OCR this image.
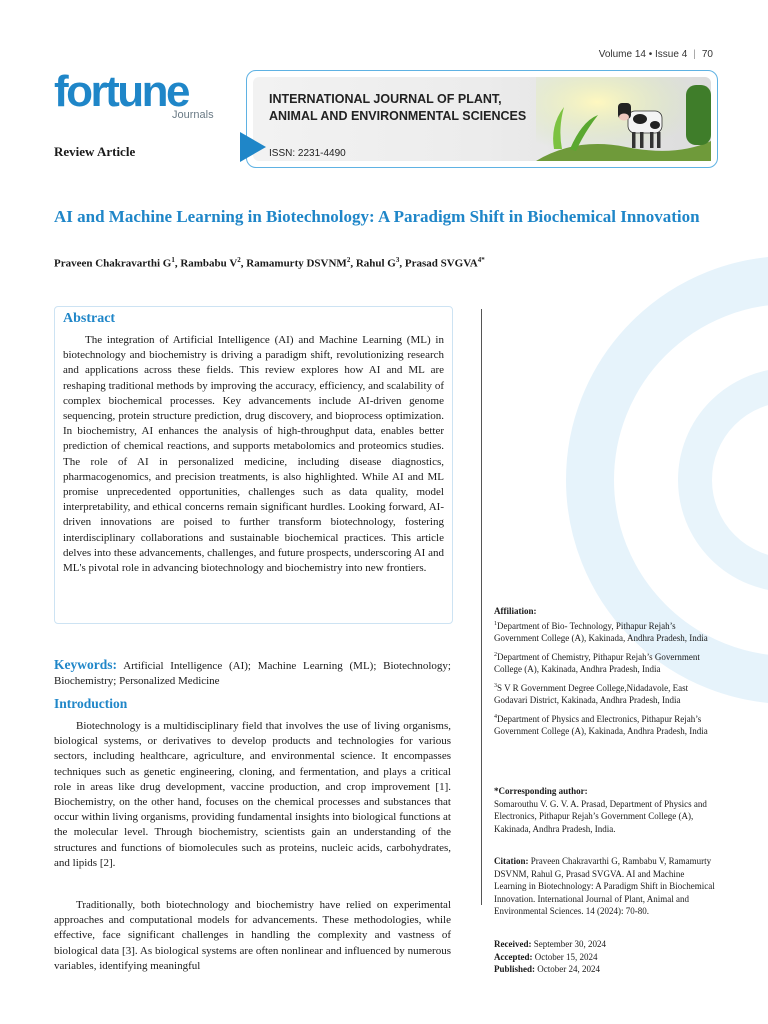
Volume 14 • Issue 4 | 70
fortune
Journals
INTERNATIONAL JOURNAL OF PLANT, ANIMAL AND ENVIRONMENTAL SCIENCES
ISSN: 2231-4490
Review Article
AI and Machine Learning in Biotechnology: A Paradigm Shift in Biochemical Innovation
Praveen Chakravarthi $G^1$, Rambabu $V^2$, Ramamurty DSVNM$^2$, Rahul $G^3$, Prasad $SVGVA^{4*}$
Abstract

The integration of Artificial Intelligence (AI) and Machine Learning (ML) in biotechnology and biochemistry is driving a paradigm shift, revolutionizing research and applications across these fields. This review explores how AI and ML are reshaping traditional methods by improving the accuracy, efficiency, and scalability of complex biochemical processes. Key advancements include AI-driven genome sequencing, protein structure prediction, drug discovery, and bioprocess optimization. In biochemistry, AI enhances the analysis of high-throughput data, enables better prediction of chemical reactions, and supports metabolomics and proteomics studies. The role of AI in personalized medicine, including disease diagnostics, pharmacogenomics, and precision treatments, is also highlighted. While AI and ML promise unprecedented opportunities, challenges such as data quality, model interpretability, and ethical concerns remain significant hurdles. Looking forward, AI-driven innovations are poised to further transform biotechnology, fostering interdisciplinary collaborations and sustainable biochemical practices. This article delves into these advancements, challenges, and future prospects, underscoring AI and ML's pivotal role in advancing biotechnology and biochemistry into new frontiers.

Keywords: Artificial Intelligence (AI); Machine Learning (ML); Biotechnology; Biochemistry; Personalized Medicine

Introduction

Biotechnology is a multidisciplinary field that involves the use of living organisms, biological systems, or derivatives to develop products and technologies for various sectors, including healthcare, agriculture, and environmental science. It encompasses techniques such as genetic engineering, cloning, and fermentation, and plays a critical role in areas like drug development, vaccine production, and crop improvement [1]. Biochemistry, on the other hand, focuses on the chemical processes and substances that occur within living organisms, providing fundamental insights into biological functions at the molecular level. Through biochemistry, scientists gain an understanding of the structures and functions of biomolecules such as proteins, nucleic acids, carbohydrates, and lipids [2].

Traditionally, both biotechnology and biochemistry have relied on experimental approaches and computational models for advancements. These methodologies, while effective, face significant challenges in handling the complexity and vastness of biological data [3]. As biological systems are often nonlinear and influenced by numerous variables, identifying meaningful

Affiliation:
$^1$Department of Bio- Technology, Pithapur Rejah’s Government College (A), Kakinada, Andhra Pradesh, India
$^2$Department of Chemistry, Pithapur Rejah’s Government College (A), Kakinada, Andhra Pradesh, India
$^3$S V R Government Degree College,Nidadavole, East Godavari District, Kakinada, Andhra Pradesh, India
$^4$Department of Physics and Electronics, Pithapur Rejah’s Government College (A), Kakinada, Andhra Pradesh, India
*Corresponding author:
Somarouthu V. G. V. A. Prasad, Department of Physics and Electronics, Pithapur Rejah’s Government College (A), Kakinada, Andhra Pradesh, India.
Citation: Praveen Chakravarthi G, Rambabu V, Ramamurty DSVNM, Rahul G, Prasad SVGVA. AI and Machine Learning in Biotechnology: A Paradigm Shift in Biochemical Innovation. International Journal of Plant, Animal and Environmental Sciences. 14 (2024): 70-80.
Received: September 30, 2024
Accepted: October 15, 2024
Published: October 24, 2024
